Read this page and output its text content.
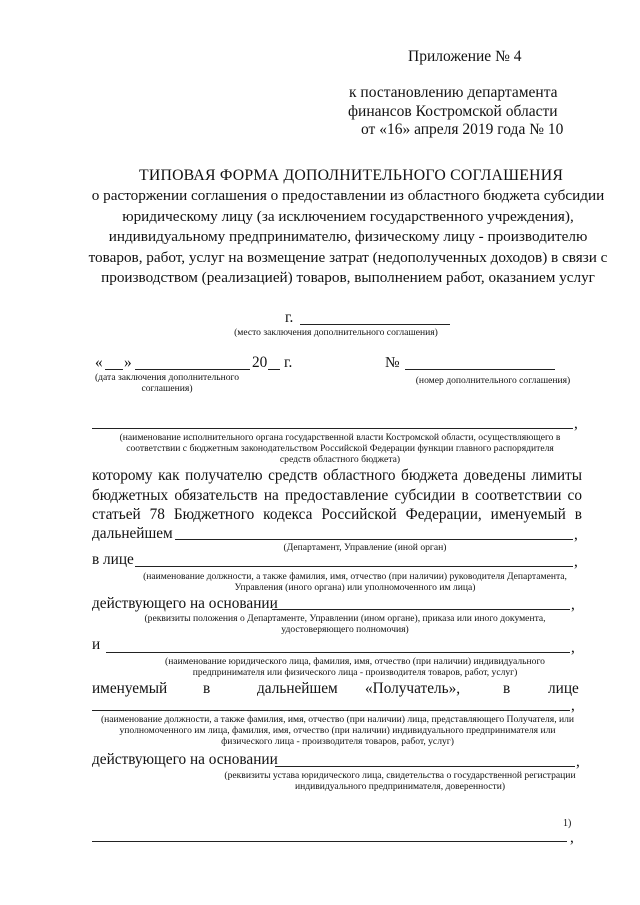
Приложение № 4
к постановлению департамента
финансов Костромской области
от «16» апреля 2019 года № 10
ТИПОВАЯ ФОРМА ДОПОЛНИТЕЛЬНОГО СОГЛАШЕНИЯ
о расторжении соглашения о предоставлении из областного бюджета субсидии юридическому лицу (за исключением государственного учреждения), индивидуальному предпринимателю, физическому лицу - производителю товаров, работ, услуг на возмещение затрат (недополученных доходов) в связи с производством (реализацией) товаров, выполнением работ, оказанием услуг
г.
(место заключения дополнительного соглашения)
« »	20 г.
(дата заключения дополнительного соглашения)
№
(номер дополнительного соглашения)
,
(наименование исполнительного органа государственной власти Костромской области, осуществляющего в соответствии с бюджетным законодательством Российской Федерации функции главного распорядителя средств областного бюджета)
которому как получателю средств областного бюджета доведены лимиты
бюджетных обязательств на предоставление субсидии в соответствии со
статьей 78 Бюджетного кодекса Российской Федерации, именуемый в
дальнейшем	,
(Департамент, Управление (иной орган)
в лице	,
(наименование должности, а также фамилия, имя, отчество (при наличии) руководителя Департамента, Управления (иного органа) или уполномоченного им лица)
действующего на основании	,
(реквизиты положения о Департаменте, Управлении (ином органе), приказа или иного документа, удостоверяющего полномочия)
и	,
(наименование юридического лица, фамилия, имя, отчество (при наличии) индивидуального предпринимателя или физического лица - производителя товаров, работ, услуг)
именуемый в	дальнейшем «Получатель»,	в лице
,
(наименование должности, а также фамилия, имя, отчество (при наличии) лица, представляющего Получателя, или уполномоченного им лица, фамилия, имя, отчество (при наличии) индивидуального предпринимателя или физического лица - производителя товаров, работ, услуг)
действующего на основании	,
(реквизиты устава юридического лица, свидетельства о государственной регистрации индивидуального предпринимателя, доверенности)
1)
,
